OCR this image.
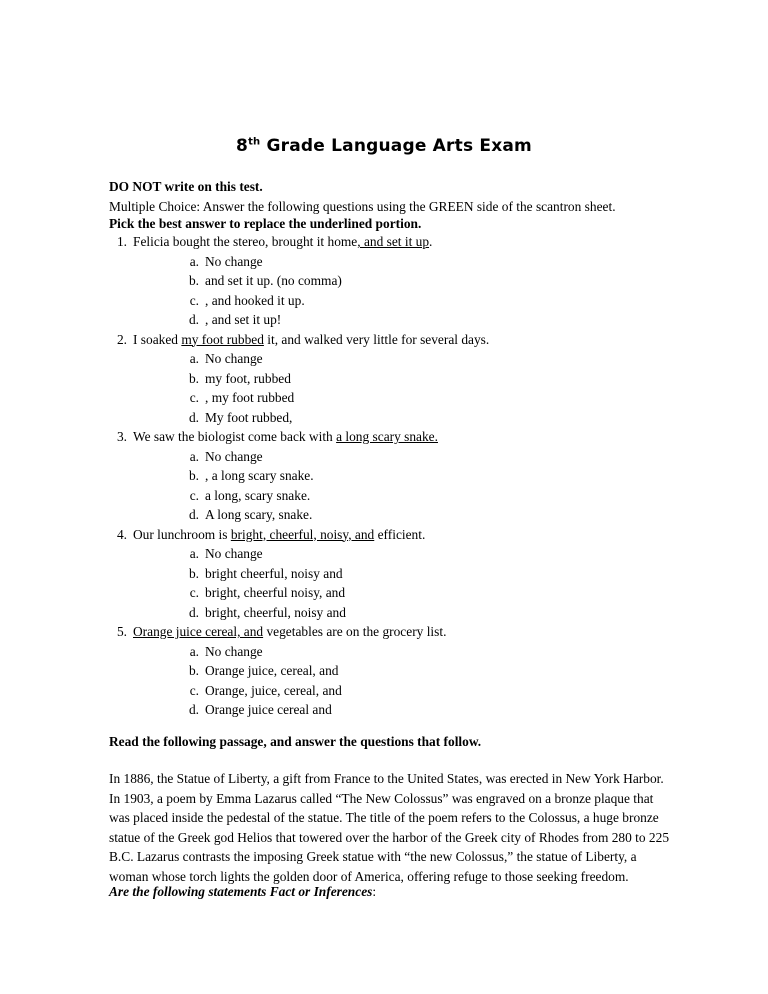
8th Grade Language Arts Exam
DO NOT write on this test.
Multiple Choice: Answer the following questions using the GREEN side of the scantron sheet.
Pick the best answer to replace the underlined portion.
1. Felicia bought the stereo, brought it home, and set it up.
a. No change
b. and set it up. (no comma)
c. , and hooked it up.
d. , and set it up!
2. I soaked my foot rubbed it, and walked very little for several days.
a. No change
b. my foot, rubbed
c. , my foot rubbed
d. My foot rubbed,
3. We saw the biologist come back with a long scary snake.
a. No change
b. , a long scary snake.
c. a long, scary snake.
d. A long scary, snake.
4. Our lunchroom is bright, cheerful, noisy, and efficient.
a. No change
b. bright cheerful, noisy and
c. bright, cheerful noisy, and
d. bright, cheerful, noisy and
5. Orange juice cereal, and vegetables are on the grocery list.
a. No change
b. Orange juice, cereal, and
c. Orange, juice, cereal, and
d. Orange juice cereal and
Read the following passage, and answer the questions that follow.

In 1886, the Statue of Liberty, a gift from France to the United States, was erected in New York Harbor. In 1903, a poem by Emma Lazarus called “The New Colossus” was engraved on a bronze plaque that was placed inside the pedestal of the statue. The title of the poem refers to the Colossus, a huge bronze statue of the Greek god Helios that towered over the harbor of the Greek city of Rhodes from 280 to 225 B.C. Lazarus contrasts the imposing Greek statue with “the new Colossus,” the statue of Liberty, a woman whose torch lights the golden door of America, offering refuge to those seeking freedom.

Are the following statements Fact or Inferences:
